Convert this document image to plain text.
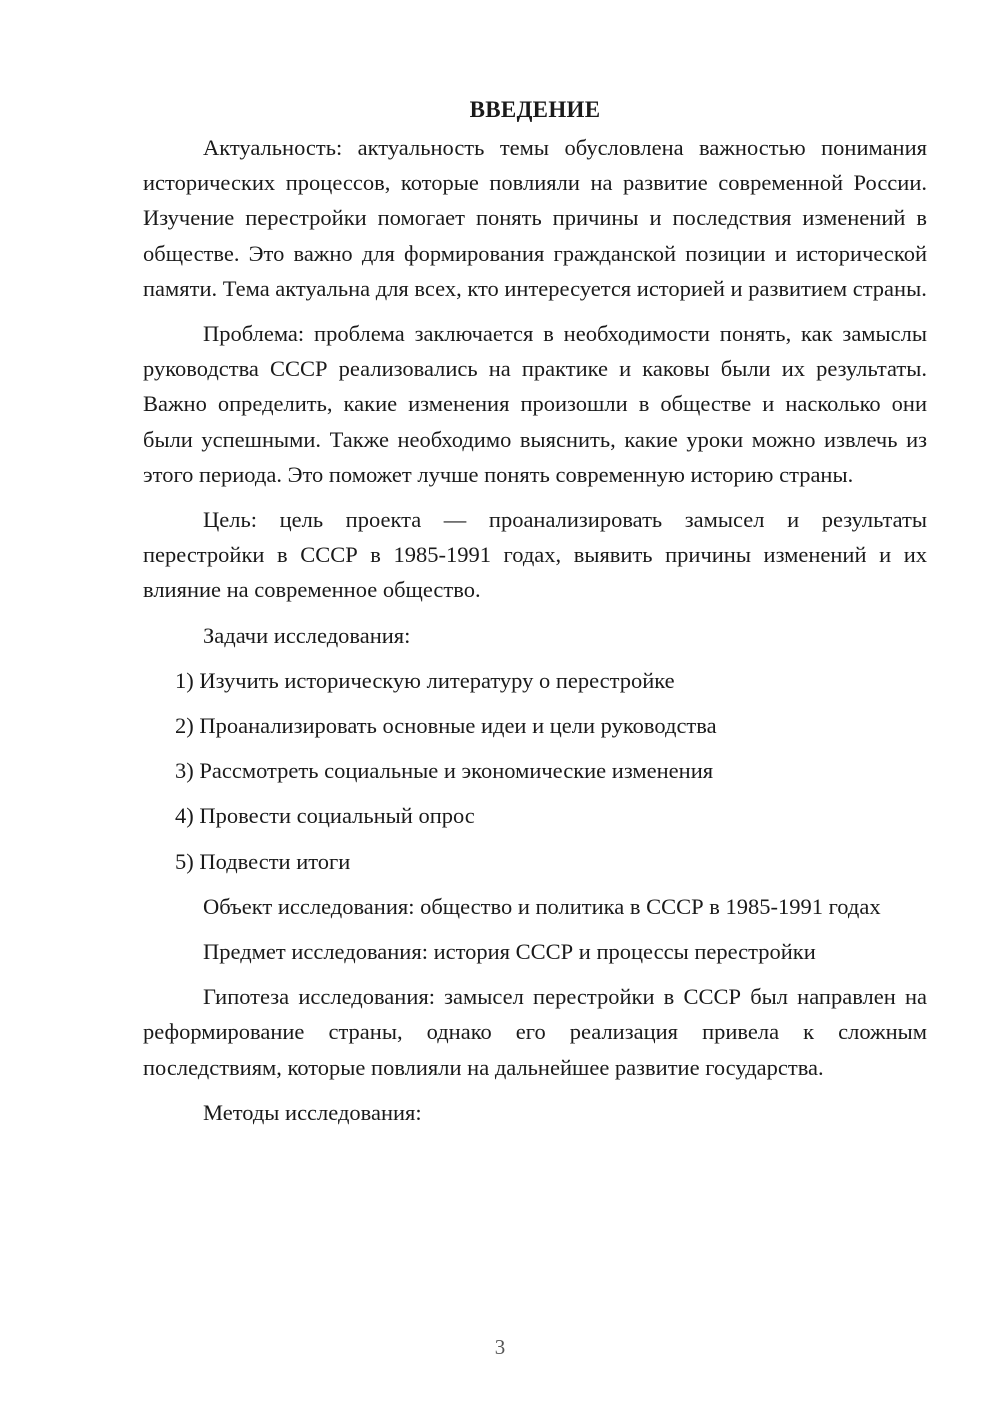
ВВЕДЕНИЕ

Актуальность: актуальность темы обусловлена важностью понимания исторических процессов, которые повлияли на развитие современной России. Изучение перестройки помогает понять причины и последствия изменений в обществе. Это важно для формирования гражданской позиции и исторической памяти. Тема актуальна для всех, кто интересуется историей и развитием страны.

Проблема: проблема заключается в необходимости понять, как замыслы руководства СССР реализовались на практике и каковы были их результаты. Важно определить, какие изменения произошли в обществе и насколько они были успешными. Также необходимо выяснить, какие уроки можно извлечь из этого периода. Это поможет лучше понять современную историю страны.

Цель: цель проекта — проанализировать замысел и результаты перестройки в СССР в 1985-1991 годах, выявить причины изменений и их влияние на современное общество.

Задачи исследования:

1) Изучить историческую литературу о перестройке
2) Проанализировать основные идеи и цели руководства
3) Рассмотреть социальные и экономические изменения
4) Провести социальный опрос
5) Подвести итоги

Объект исследования: общество и политика в СССР в 1985-1991 годах

Предмет исследования: история СССР и процессы перестройки

Гипотеза исследования: замысел перестройки в СССР был направлен на реформирование страны, однако его реализация привела к сложным последствиям, которые повлияли на дальнейшее развитие государства.

Методы исследования:

3
